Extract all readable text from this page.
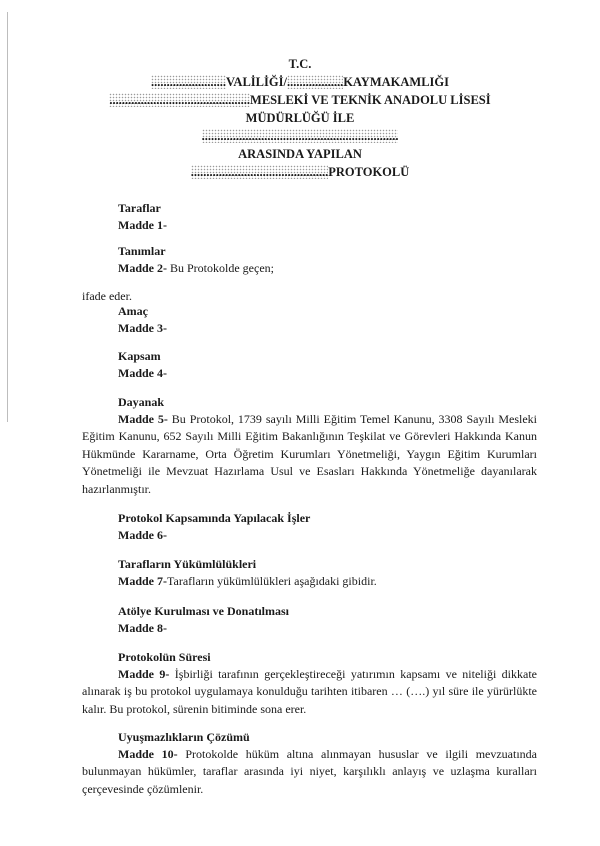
T.C.
........................VALİLİĞİ/..................KAYMAKAMLIĞI
.............................................MESLEKİ VE TEKNİK ANADOLU LİSESİ
MÜDÜRLÜĞÜ İLE
...............................................................
ARASINDA YAPILAN
............................................PROTOKOLÜ
Taraflar
Madde 1-
Tanımlar
Madde 2- Bu Protokolde geçen;
ifade eder.
Amaç
Madde 3-
Kapsam
Madde 4-
Dayanak
Madde 5- Bu Protokol, 1739 sayılı Milli Eğitim Temel Kanunu, 3308 Sayılı Mesleki Eğitim Kanunu, 652 Sayılı Milli Eğitim Bakanlığının Teşkilat ve Görevleri Hakkında Kanun Hükmünde Kararname, Orta Öğretim Kurumları Yönetmeliği, Yaygın Eğitim Kurumları Yönetmeliği ile Mevzuat Hazırlama Usul ve Esasları Hakkında Yönetmeliğe dayanılarak hazırlanmıştır.
Protokol Kapsamında Yapılacak İşler
Madde 6-
Tarafların Yükümlülükleri
Madde 7-Tarafların yükümlülükleri aşağıdaki gibidir.
Atölye Kurulması ve Donatılması
Madde 8-
Protokolün Süresi
Madde 9- İşbirliği tarafının gerçekleştireceği yatırımın kapsamı ve niteliği dikkate alınarak iş bu protokol uygulamaya konulduğu tarihten itibaren … (….) yıl süre ile yürürlükte kalır. Bu protokol, sürenin bitiminde sona erer.
Uyuşmazlıkların Çözümü
Madde 10- Protokolde hüküm altına alınmayan hususlar ve ilgili mevzuatında bulunmayan hükümler, taraflar arasında iyi niyet, karşılıklı anlayış ve uzlaşma kuralları çerçevesinde çözümlenir.
